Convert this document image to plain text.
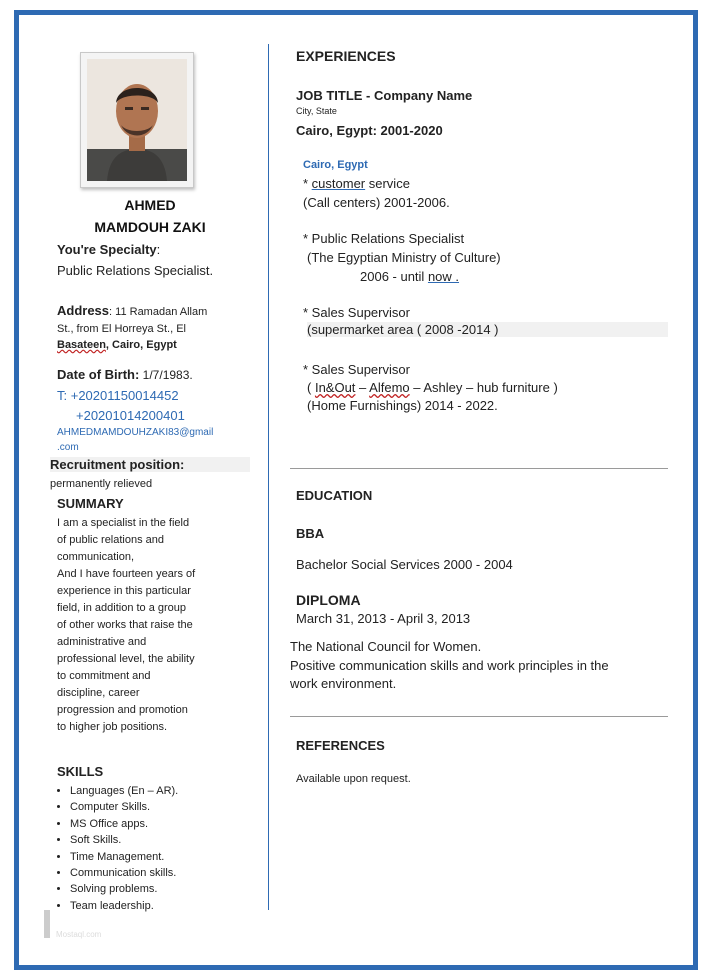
AHMED
MAMDOUH ZAKI
You're Specialty:
Public Relations Specialist.
Address: 11 Ramadan Allam
St., from El Horreya St., El
Basateen, Cairo, Egypt
Date of Birth: 1/7/1983.
T: +20201150014452
+20201014200401
AHMEDMAMDOUHZAKI83@gmail
.com
Recruitment position:
permanently relieved
SUMMARY
I am a specialist in the field
of public relations and
communication,
And I have fourteen years of
experience in this particular
field, in addition to a group
of other works that raise the
administrative and
professional level, the ability
to commitment and
discipline, career
progression and promotion
to higher job positions.
SKILLS
• Languages (En – AR).
• Computer Skills.
• MS Office apps.
• Soft Skills.
• Time Management.
• Communication skills.
• Solving problems.
• Team leadership.
Mostaql.com
EXPERIENCES
JOB TITLE - Company Name
City, State
Cairo, Egypt: 2001-2020
Cairo, Egypt
* customer service
(Call centers) 2001-2006.
* Public Relations Specialist
(The Egyptian Ministry of Culture)
2006 - until now .
* Sales Supervisor
(supermarket area ( 2008 -2014 )
* Sales Supervisor
( In&Out – Alfemo – Ashley – hub furniture )
(Home Furnishings) 2014 - 2022.
EDUCATION
BBA
Bachelor Social Services 2000 - 2004
DIPLOMA
March 31, 2013 - April 3, 2013
The National Council for Women.
Positive communication skills and work principles in the
work environment.
REFERENCES
Available upon request.
